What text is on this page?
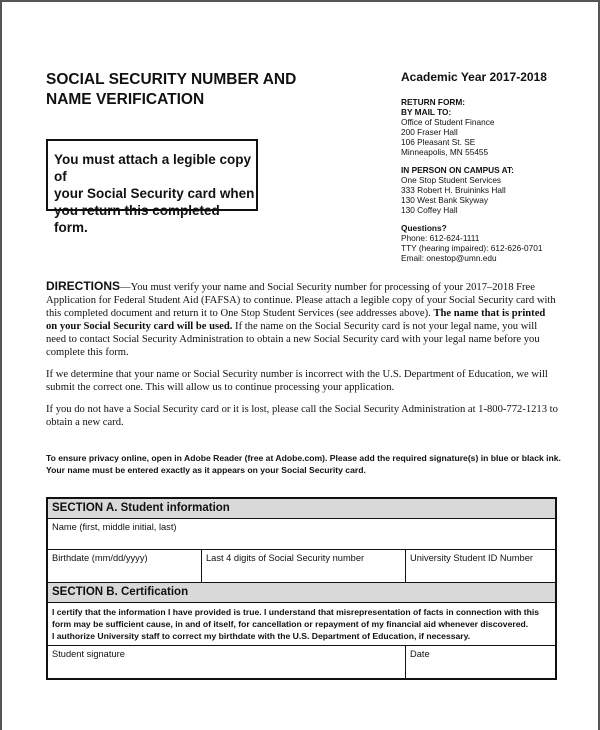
SOCIAL SECURITY NUMBER AND
NAME VERIFICATION
You must attach a legible copy of
your Social Security card when
you return this completed form.
Academic Year 2017-2018
RETURN FORM:
BY MAIL TO:
Office of Student Finance
200 Fraser Hall
106 Pleasant St. SE
Minneapolis, MN 55455
IN PERSON ON CAMPUS AT:
One Stop Student Services
333 Robert H. Bruininks Hall
130 West Bank Skyway
130 Coffey Hall
Questions?
Phone: 612-624-1111
TTY (hearing impaired): 612-626-0701
Email: onestop@umn.edu

DIRECTIONS—You must verify your name and Social Security number for processing of your 2017–2018 Free Application for Federal Student Aid (FAFSA) to continue. Please attach a legible copy of your Social Security card with this completed document and return it to One Stop Student Services (see addresses above). The name that is printed on your Social Security card will be used. If the name on the Social Security card is not your legal name, you will need to contact Social Security Administration to obtain a new Social Security card with your legal name before you complete this form.

If we determine that your name or Social Security number is incorrect with the U.S. Department of Education, we will submit the correct one. This will allow us to continue processing your application.

If you do not have a Social Security card or it is lost, please call the Social Security Administration at 1-800-772-1213 to obtain a new card.

To ensure privacy online, open in Adobe Reader (free at Adobe.com). Please add the required signature(s) in blue or black ink.
Your name must be entered exactly as it appears on your Social Security card.
SECTION A. Student information
Name (first, middle initial, last)
Birthdate (mm/dd/yyyy)	Last 4 digits of Social Security number	University Student ID Number
SECTION B. Certification
I certify that the information I have provided is true. I understand that misrepresentation of facts in connection with this
form may be sufficient cause, in and of itself, for cancellation or repayment of my financial aid whenever discovered.
I authorize University staff to correct my birthdate with the U.S. Department of Education, if necessary.
Student signature	Date
